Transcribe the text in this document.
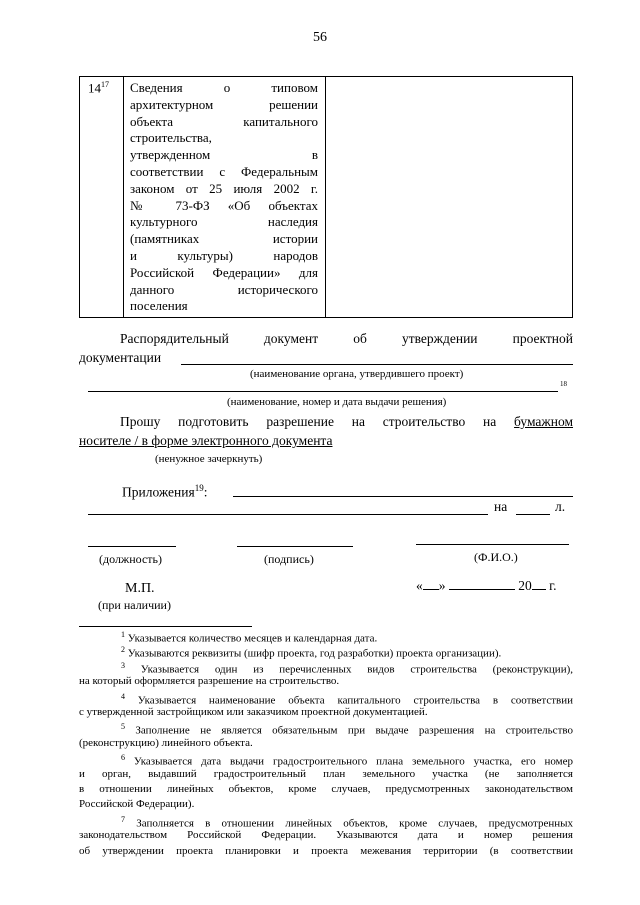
56
$14^{17}$ Сведения о типовом
архитектурном решении
объекта капитального
строительства,
утвержденном в
соответствии с Федеральным
законом от 25 июля 2002 г.
№ 73-ФЗ «Об объектах
культурного наследия
(памятниках истории
и культуры) народов
Российской Федерации» для
данного исторического
поселения
Распорядительный документ об утверждении проектной
документации
(наименование органа, утвердившего проект)
18
(наименование, номер и дата выдачи решения)
Прошу подготовить разрешение на строительство на бумажном
носителе / в форме электронного документа
(ненужное зачеркнуть)
Приложения$^{19}$:
на	л.
(должность)	(подпись)	(Ф.И.О.)
М.П.
(при наличии)
« »	20 г.
$^1$ Указывается количество месяцев и календарная дата.
$^2$ Указываются реквизиты (шифр проекта, год разработки) проекта организации).
$^3$ Указывается один из перечисленных видов строительства (реконструкции),
на который оформляется разрешение на строительство.
$^4$ Указывается наименование объекта капитального строительства в соответствии
с утвержденной застройщиком или заказчиком проектной документацией.
$^5$ Заполнение не является обязательным при выдаче разрешения на строительство
(реконструкцию) линейного объекта.
$^6$ Указывается дата выдачи градостроительного плана земельного участка, его номер
и орган, выдавший градостроительный план земельного участка (не заполняется
в отношении линейных объектов, кроме случаев, предусмотренных законодательством
Российской Федерации).
$^7$ Заполняется в отношении линейных объектов, кроме случаев, предусмотренных
законодательством Российской Федерации. Указываются дата и номер решения
об утверждении проекта планировки и проекта межевания территории (в соответствии
